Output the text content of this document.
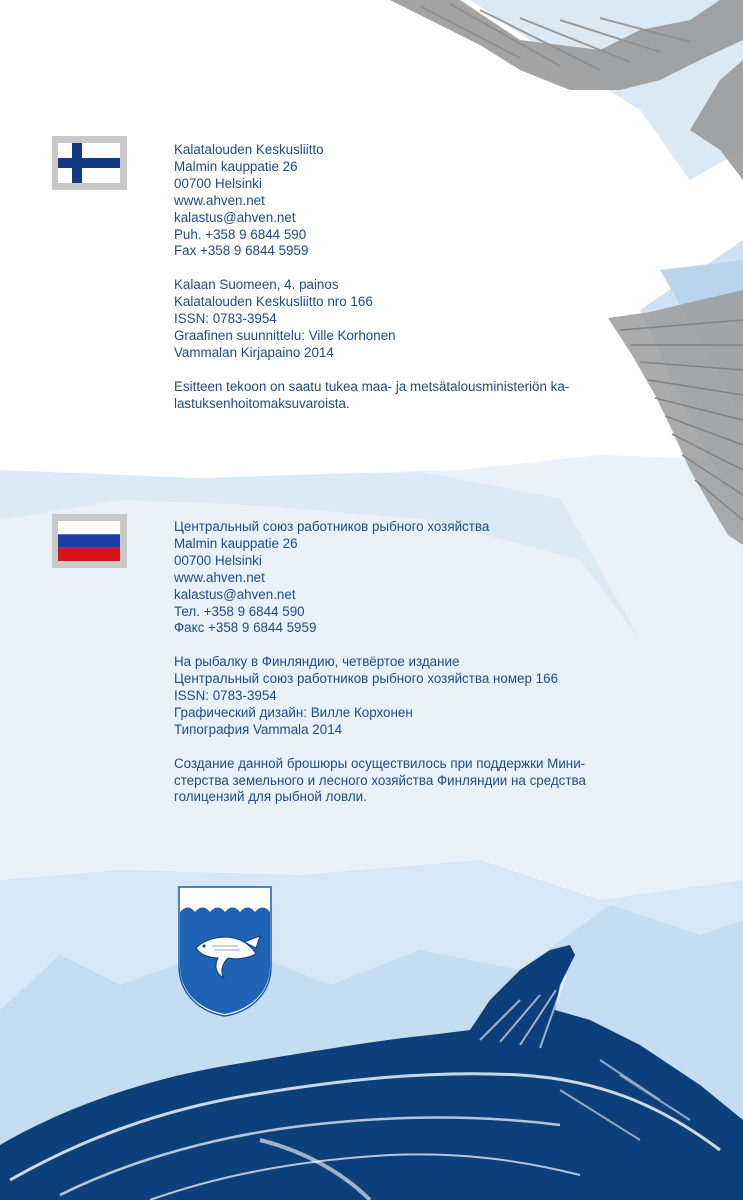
Kalatalouden Keskusliitto

Malmin kauppatie 26

00700 Helsinki

www.ahven.net

kalastus@ahven.net

Puh. +358 9 6844 590

Fax +358 9 6844 5959

Kalaan Suomeen, 4. painos

Kalatalouden Keskusliitto nro 166

ISSN: 0783-3954

Graafinen suunnittelu: Ville Korhonen

Vammalan Kirjapaino 2014

Esitteen tekoon on saatu tukea maa- ja metsätalousministeriön ka-

lastuksenhoitomaksuvaroista.

Центральный союз работников рыбного хозяйства

Malmin kauppatie 26

00700 Helsinki

www.ahven.net

kalastus@ahven.net

Тел. +358 9 6844 590

Факс +358 9 6844 5959

На рыбалку в Финляндию, четвёртое издание

Центральный союз работников рыбного хозяйства номер 166

ISSN: 0783-3954

Графический дизайн: Вилле Корхонен

Типография Vammala 2014

Создание данной брошюры осуществилось при поддержки Мини-

стерства земельного и лесного хозяйства Финляндии на средства

голицензий для рыбной ловли.
